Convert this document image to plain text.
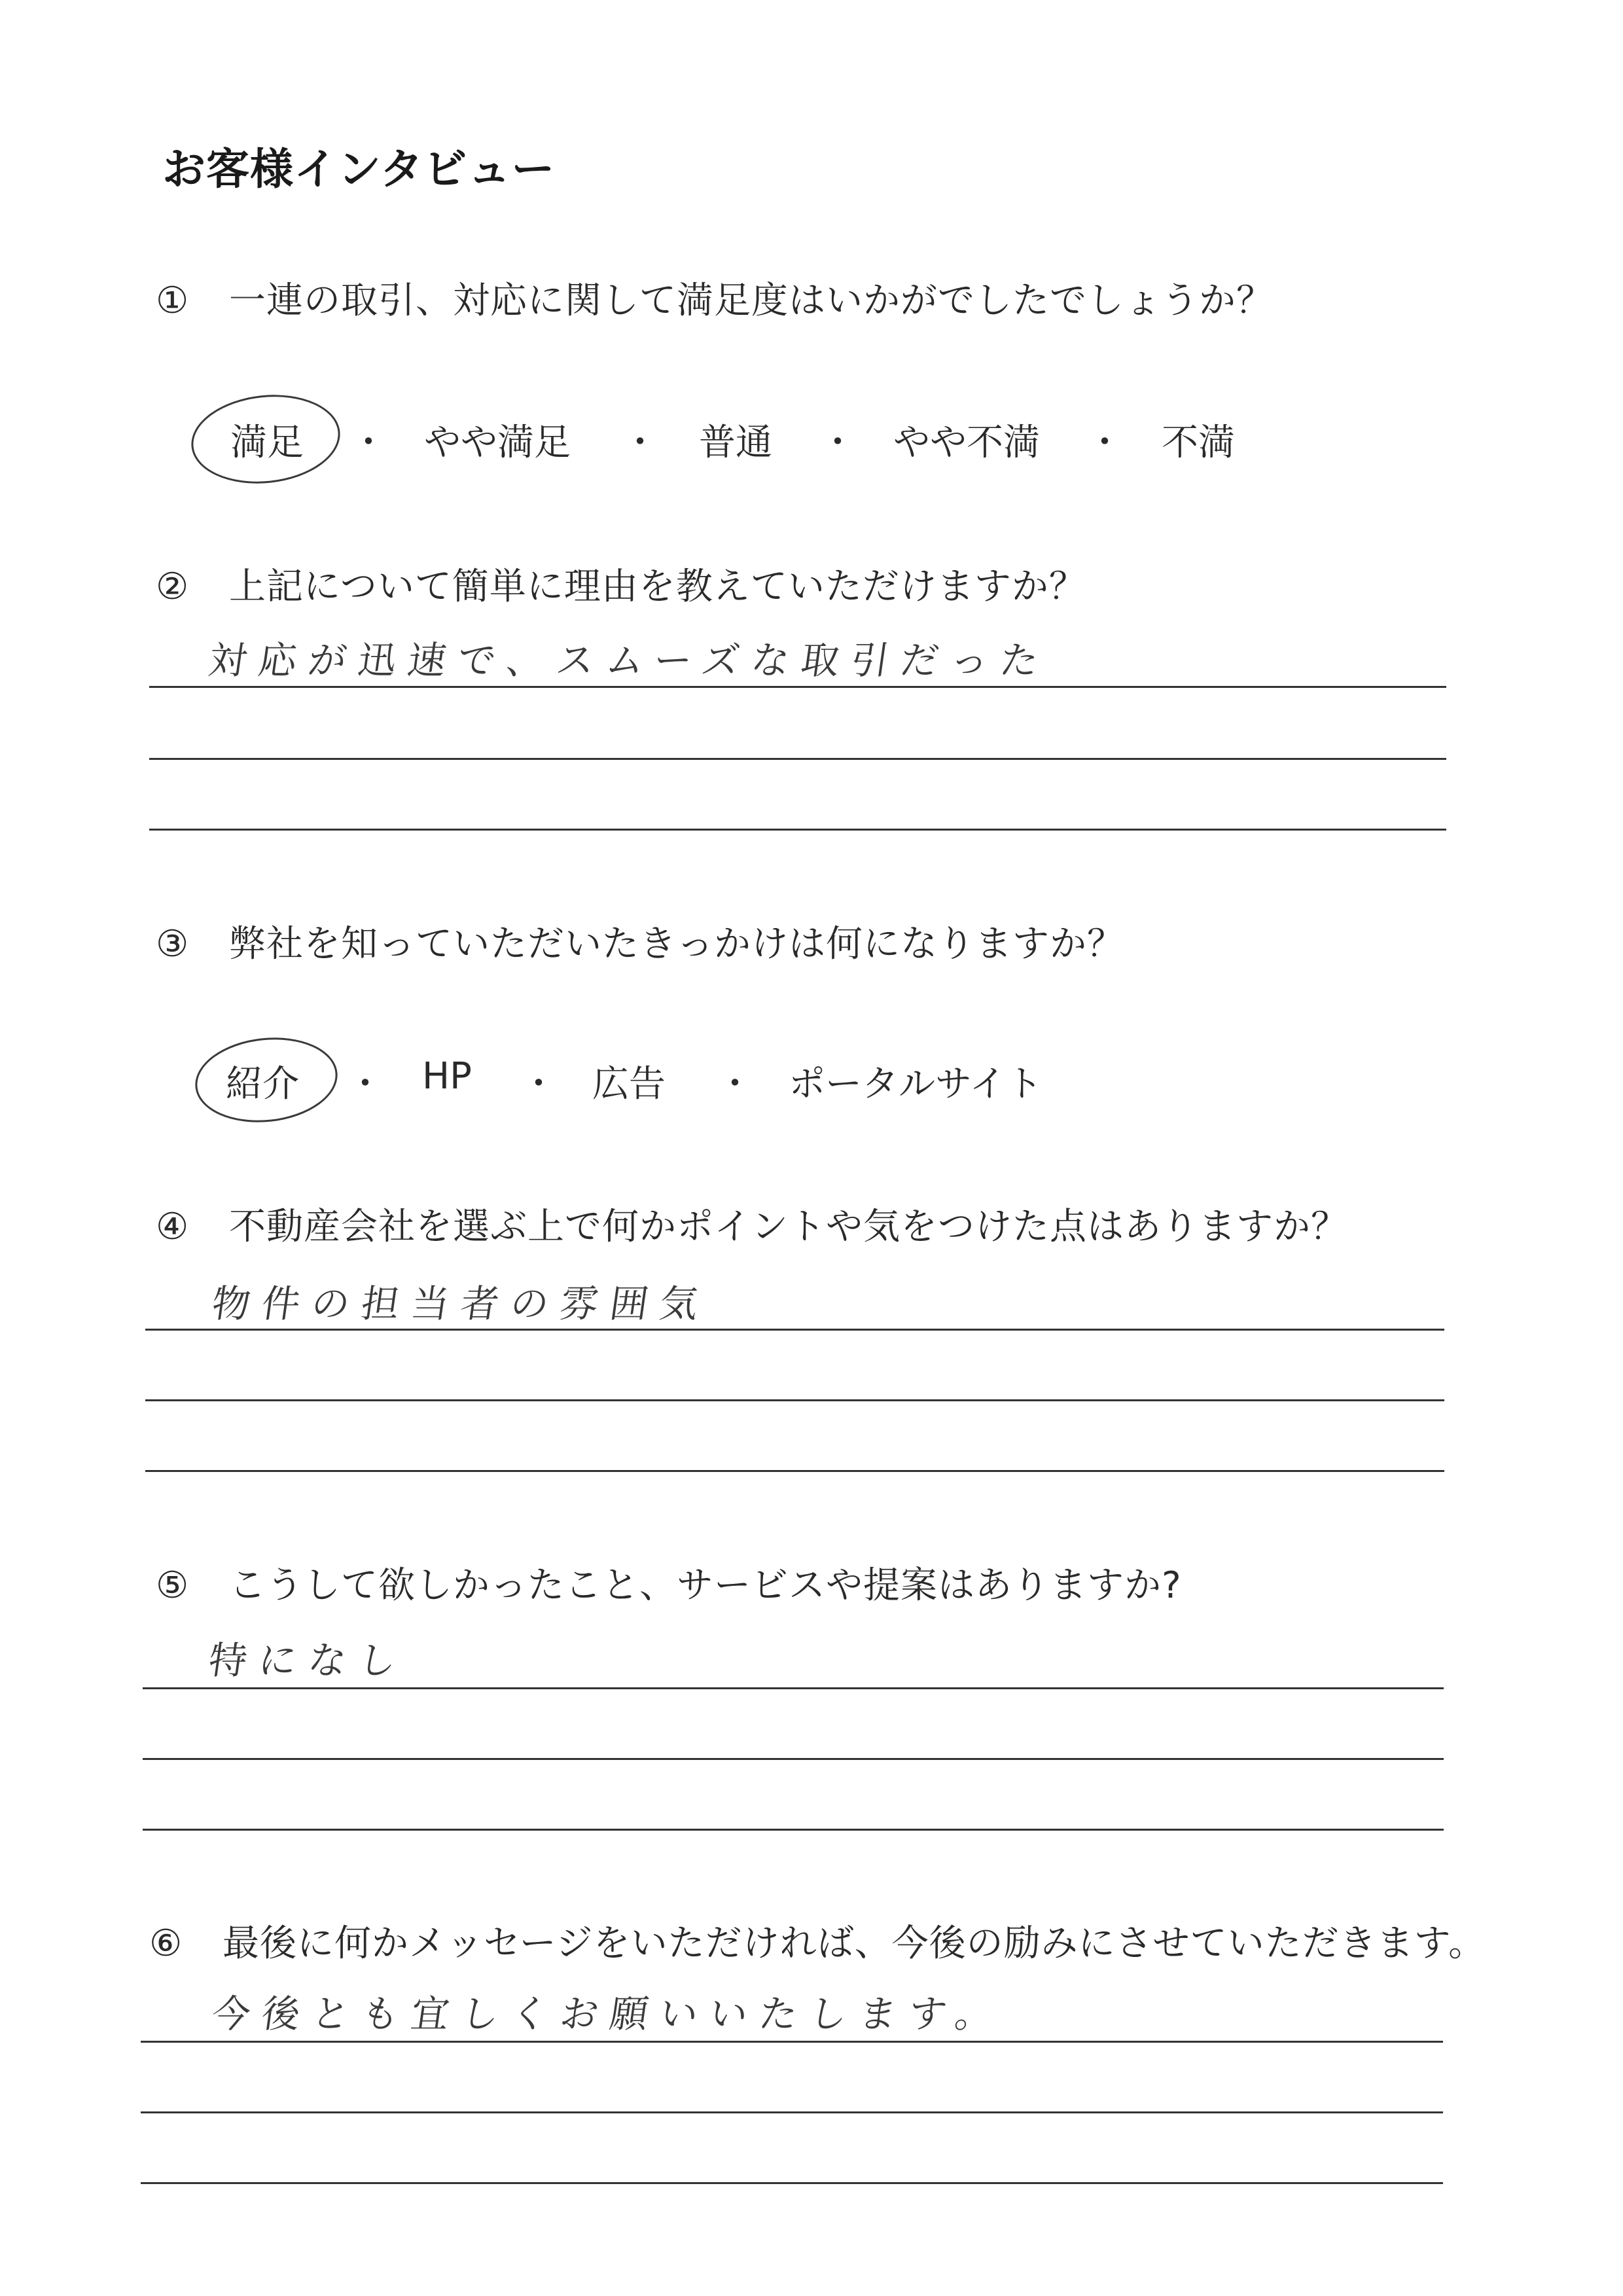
お客様インタビュー
① 一連の取引、対応に関して満足度はいかがでしたでしょうか？
満足 ・ やや満足 ・ 普通 ・ やや不満 ・ 不満
② 上記について簡単に理由を教えていただけますか？
対応が迅速で、スムーズな取引だった
③ 弊社を知っていただいたきっかけは何になりますか？
紹介 ・ HP ・ 広告 ・ ポータルサイト
④ 不動産会社を選ぶ上で何かポイントや気をつけた点はありますか？
物件の担当者の雰囲気
⑤ こうして欲しかったこと、サービスや提案はありますか?
特になし
⑥ 最後に何かメッセージをいただければ、今後の励みにさせていただきます。
今後とも宜しくお願いいたします。
